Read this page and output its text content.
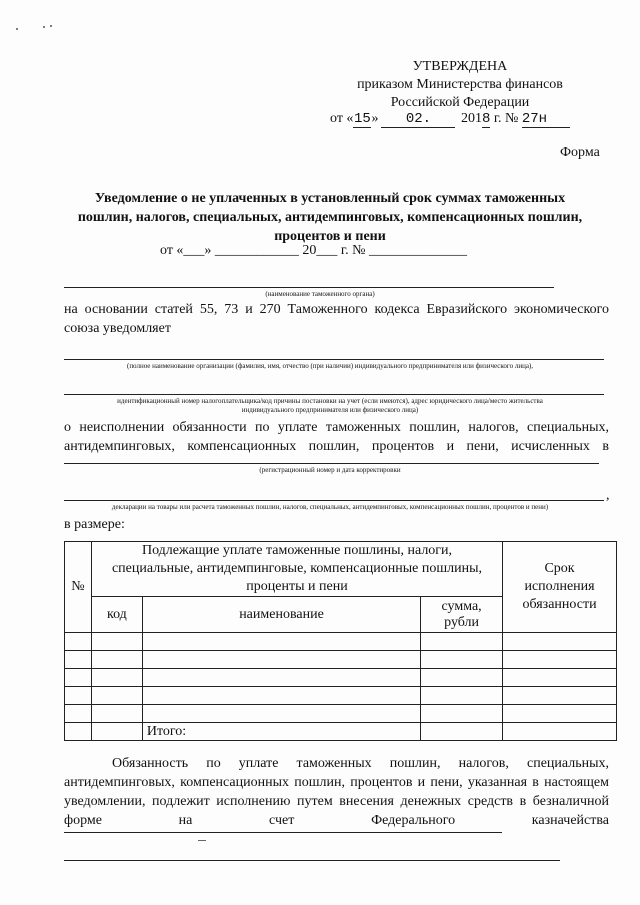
УТВЕРЖДЕНА
приказом Министерства финансов
Российской Федерации
от «15» 02. 2018 г. № 27н
Форма
Уведомление о не уплаченных в установленный срок суммах таможенных
пошлин, налогов, специальных, антидемпинговых, компенсационных пошлин,
процентов и пени
от «___» ____________ 20___ г. № ______________
(наименование таможенного органа)
на основании статей 55, 73 и 270 Таможенного кодекса Евразийского экономического союза уведомляет
(полное наименование организации (фамилия, имя, отчество (при наличии) индивидуального предпринимателя или физического лица),
идентификационный номер налогоплательщика/код причины постановки на учет (если имеются), адрес юридического лица/место жительства
индивидуального предпринимателя или физического лица)
о неисполнении обязанности по уплате таможенных пошлин, налогов, специальных, антидемпинговых, компенсационных пошлин, процентов и пени, исчисленных в
(регистрационный номер и дата корректировки
,
декларации на товары или расчета таможенных пошлин, налогов, специальных, антидемпинговых, компенсационных пошлин, процентов и пени)
в размере:
№	Подлежащие уплате таможенные пошлины, налоги, специальные, антидемпинговые, компенсационные пошлины, проценты и пени			Срок исполнения обязанности
	код	наименование	сумма, рубли	

		Итого:		
Обязанность по уплате таможенных пошлин, налогов, специальных, антидемпинговых, компенсационных пошлин, процентов и пени, указанная в настоящем уведомлении, подлежит исполнению путем внесения денежных средств в безналичной форме на счет Федерального казначейства
